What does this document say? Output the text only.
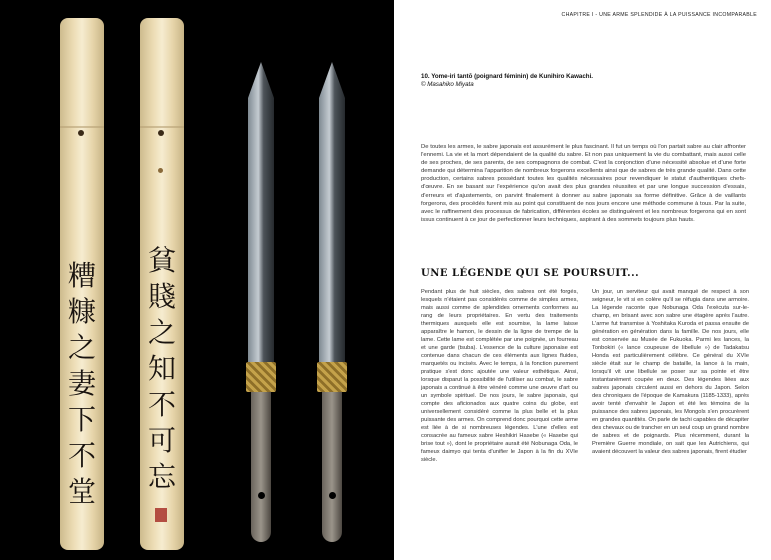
糟糠之妻下不堂
貧賤之知不可忘
CHAPITRE I - UNE ARME SPLENDIDE À LA PUISSANCE INCOMPARABLE
10. Yome-iri tantō (poignard féminin) de Kunihiro Kawachi.
© Masahiko Miyata

De toutes les armes, le sabre japonais est assurément le plus fascinant. Il fut un temps où l'on partait sabre au clair affronter l'ennemi. La vie et la mort dépendaient de la qualité du sabre. Et non pas uniquement la vie du combattant, mais aussi celle de ses proches, de ses parents, de ses compagnons de combat. C'est la conjonction d'une nécessité absolue et d'une forte demande qui détermina l'apparition de nombreux forgerons excellents ainsi que de sabres de très grande qualité. Dans cette production, certains sabres possédant toutes les qualités nécessaires pour revendiquer le statut d'authentiques chefs-d'œuvre. En se basant sur l'expérience qu'on avait des plus grandes réussites et par une longue succession d'essais, d'erreurs et d'ajustements, on parvint finalement à donner au sabre japonais sa forme définitive. Grâce à de vaillants forgerons, des procédés furent mis au point qui constituent de nos jours encore une méthode commune à tous. Par la suite, avec le raffinement des processus de fabrication, différentes écoles se distinguèrent et les nombreux forgerons qui en sont issus continuent à ce jour de perfectionner leurs techniques, aspirant à des sommets toujours plus hauts.

UNE LÉGENDE QUI SE POURSUIT...

Pendant plus de huit siècles, des sabres ont été forgés, lesquels n'étaient pas considérés comme de simples armes, mais aussi comme de splendides ornements conformes au rang de leurs propriétaires. En vertu des traitements thermiques auxquels elle est soumise, la lame laisse apparaître le hamon, le dessin de la ligne de trempe de la lame. Cette lame est complétée par une poignée, un fourreau et une garde (tsuba). L'essence de la culture japonaise est contenue dans chacun de ces éléments aux lignes fluides, marquetés ou incisés. Avec le temps, à la fonction purement pratique s'est donc ajoutée une valeur esthétique. Ainsi, lorsque disparut la possibilité de l'utiliser au combat, le sabre japonais a continué à être vénéré comme une œuvre d'art ou un symbole spirituel. De nos jours, le sabre japonais, qui compte des aficionados aux quatre coins du globe, est universellement considéré comme la plus belle et la plus puissante des armes. On comprend donc pourquoi cette arme est liée à de si nombreuses légendes. L'une d'elles est consacrée au fameux sabre Heshikiri Hasebe (« Hasebe qui brise tout »), dont le propriétaire aurait été Nobunaga Oda, le fameux daimyo qui tenta d'unifier le Japon à la fin du XVIe siècle.

Un jour, un serviteur qui avait manqué de respect à son seigneur, le vit si en colère qu'il se réfugia dans une armoire. La légende raconte que Nobunaga Oda l'exécuta sur-le-champ, en brisant avec son sabre une étagère après l'autre. L'arme fut transmise à Yoshitaka Kuroda et passa ensuite de génération en génération dans la famille. De nos jours, elle est conservée au Musée de Fukuoka. Parmi les lances, la Tonbokiri (« lance coupeuse de libellule ») de Tadakatsu Honda est particulièrement célèbre. Ce général du XVIe siècle était sur le champ de bataille, la lance à la main, lorsqu'il vit une libellule se poser sur sa pointe et être instantanément coupée en deux. Des légendes liées aux sabres japonais circulent aussi en dehors du Japon. Selon des chroniques de l'époque de Kamakura (1185-1333), après avoir tenté d'envahir le Japon et été les témoins de la puissance des sabres japonais, les Mongols s'en procurèrent en grandes quantités. On parle de tachi capables de décapiter des chevaux ou de trancher en un seul coup un grand nombre de sabres et de poignards. Plus récemment, durant la Première Guerre mondiale, on sait que les Autrichiens, qui avaient découvert la valeur des sabres japonais, firent étudier
